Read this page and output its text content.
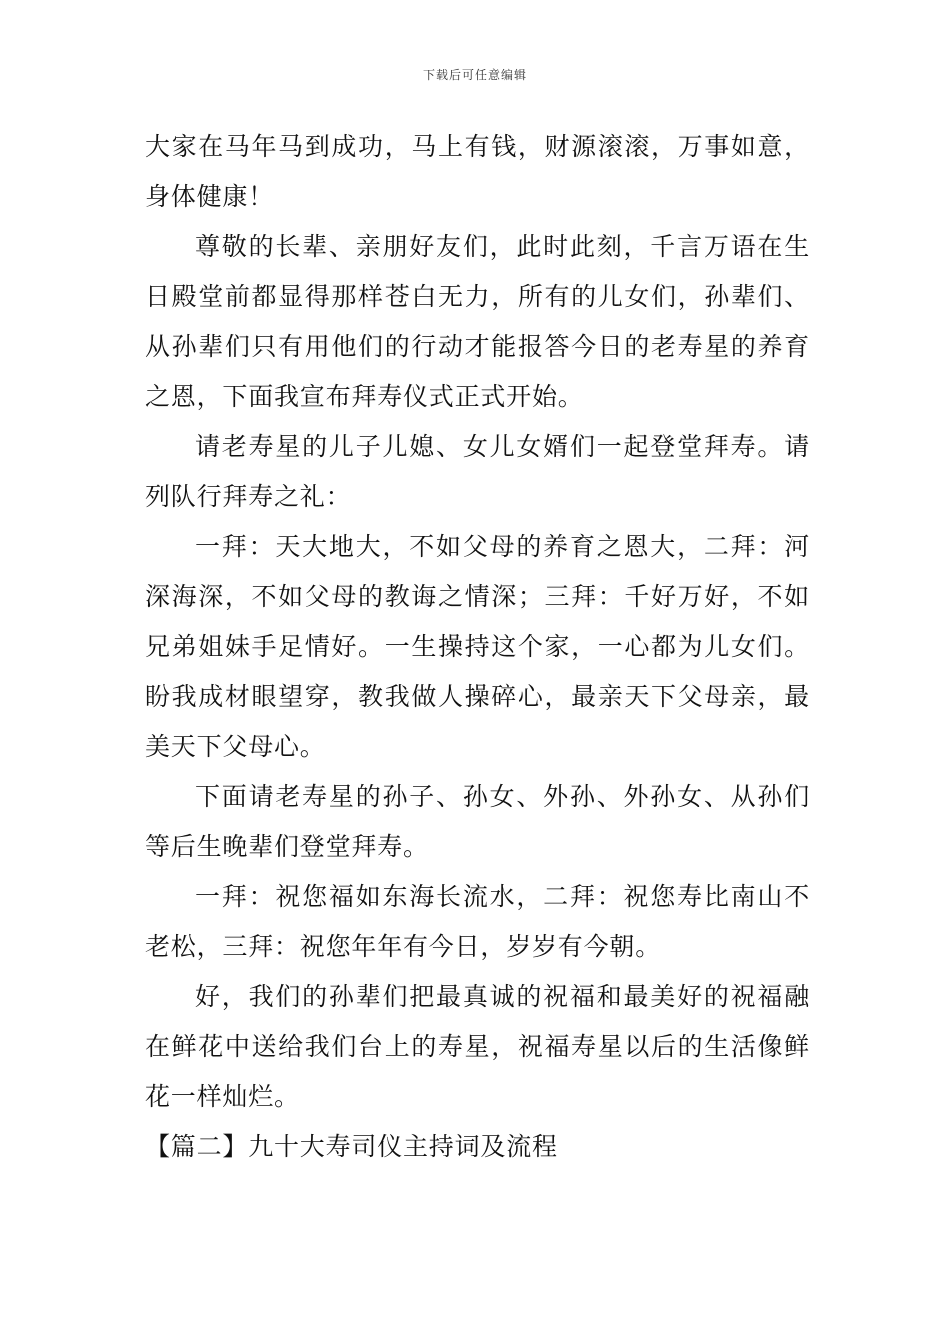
下载后可任意编辑

大家在马年马到成功，马上有钱，财源滚滚，万事如意，身体健康！

尊敬的长辈、亲朋好友们，此时此刻，千言万语在生日殿堂前都显得那样苍白无力，所有的儿女们，孙辈们、从孙辈们只有用他们的行动才能报答今日的老寿星的养育之恩，下面我宣布拜寿仪式正式开始。

请老寿星的儿子儿媳、女儿女婿们一起登堂拜寿。请列队行拜寿之礼：

一拜：天大地大，不如父母的养育之恩大，二拜：河深海深，不如父母的教诲之情深；三拜：千好万好，不如兄弟姐妹手足情好。一生操持这个家，一心都为儿女们。盼我成材眼望穿，教我做人操碎心，最亲天下父母亲，最美天下父母心。

下面请老寿星的孙子、孙女、外孙、外孙女、从孙们等后生晚辈们登堂拜寿。

一拜：祝您福如东海长流水，二拜：祝您寿比南山不老松，三拜：祝您年年有今日，岁岁有今朝。

好，我们的孙辈们把最真诚的祝福和最美好的祝福融在鲜花中送给我们台上的寿星，祝福寿星以后的生活像鲜花一样灿烂。

【篇二】九十大寿司仪主持词及流程
